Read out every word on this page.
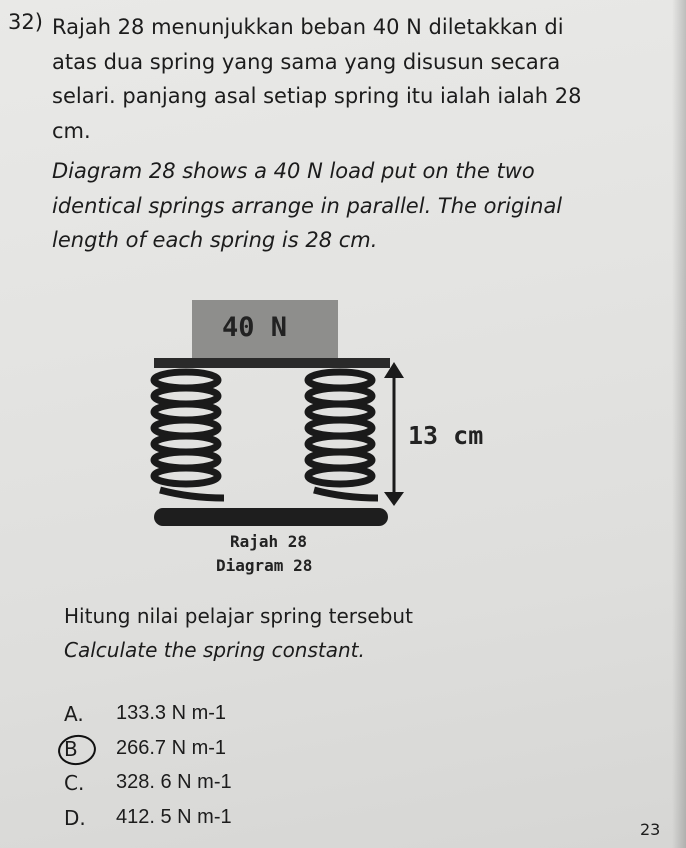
32) Rajah 28 menunjukkan beban 40 N diletakkan di
atas dua spring yang sama yang disusun secara
selari. panjang asal setiap spring itu ialah ialah 28
cm.
Diagram 28 shows a 40 N load put on the two
identical springs arrange in parallel. The original
length of each spring is 28 cm.
40 N
13 cm
Rajah 28
Diagram 28
Hitung nilai pelajar spring tersebut
Calculate the spring constant.
A.	133.3 N m-1
B	266.7 N m-1
C.	328. 6 N m-1
D.	412. 5 N m-1
23
